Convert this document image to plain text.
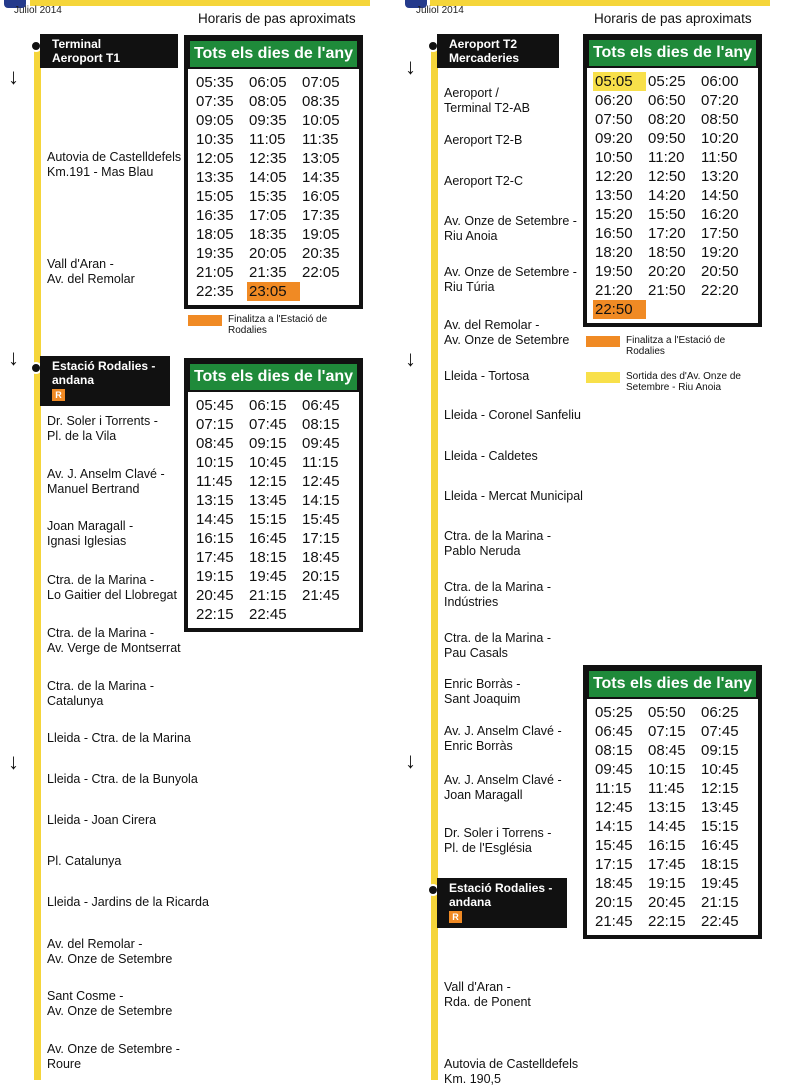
Juliol 2014
Horaris de pas aproximats
↓
↓
↓
Terminal
Aeroport T1
Autovia de Castelldefels
Km.191 - Mas Blau
Vall d'Aran -
Av. del Remolar
Tots els dies de l'any
05:35	06:05	07:05
07:35	08:05	08:35
09:05	09:35	10:05
10:35	11:05	11:35
12:05	12:35	13:05
13:35	14:05	14:35
15:05	15:35	16:05
16:35	17:05	17:35
18:05	18:35	19:05
19:35	20:05	20:35
21:05	21:35	22:05
22:35	23:05
Finalitza a l'Estació de
Rodalies
Estació Rodalies -
andana
R
Tots els dies de l'any
05:45	06:15	06:45
07:15	07:45	08:15
08:45	09:15	09:45
10:15	10:45	11:15
11:45	12:15	12:45
13:15	13:45	14:15
14:45	15:15	15:45
16:15	16:45	17:15
17:45	18:15	18:45
19:15	19:45	20:15
20:45	21:15	21:45
22:15	22:45
Dr. Soler i Torrents -
Pl. de la Vila
Av. J. Anselm Clavé -
Manuel Bertrand
Joan Maragall -
Ignasi Iglesias
Ctra. de la Marina -
Lo Gaitier del Llobregat
Ctra. de la Marina -
Av. Verge de Montserrat
Ctra. de la Marina -
Catalunya
Lleida - Ctra. de la Marina
Lleida - Ctra. de la Bunyola
Lleida - Joan Cirera
Pl. Catalunya
Lleida - Jardins de la Ricarda
Av. del Remolar -
Av. Onze de Setembre
Sant Cosme -
Av. Onze de Setembre
Av. Onze de Setembre -
Roure
Juliol 2014
Horaris de pas aproximats
↓
↓
↓
Aeroport T2
Mercaderies
Aeroport /
Terminal T2-AB
Aeroport T2-B
Aeroport T2-C
Av. Onze de Setembre -
Riu Anoia
Av. Onze de Setembre -
Riu Túria
Av. del Remolar -
Av. Onze de Setembre
Lleida - Tortosa
Lleida - Coronel Sanfeliu
Lleida - Caldetes
Lleida - Mercat Municipal
Ctra. de la Marina -
Pablo Neruda
Ctra. de la Marina -
Indústries
Ctra. de la Marina -
Pau Casals
Enric Borràs -
Sant Joaquim
Av. J. Anselm Clavé -
Enric Borràs
Av. J. Anselm Clavé -
Joan Maragall
Dr. Soler i Torrens -
Pl. de l'Església
Tots els dies de l'any
05:05	05:25	06:00
06:20	06:50	07:20
07:50	08:20	08:50
09:20	09:50	10:20
10:50	11:20	11:50
12:20	12:50	13:20
13:50	14:20	14:50
15:20	15:50	16:20
16:50	17:20	17:50
18:20	18:50	19:20
19:50	20:20	20:50
21:20	21:50	22:20
22:50
Finalitza a l'Estació de
Rodalies
Sortida des d'Av. Onze de
Setembre - Riu Anoia
Tots els dies de l'any
05:25	05:50	06:25
06:45	07:15	07:45
08:15	08:45	09:15
09:45	10:15	10:45
11:15	11:45	12:15
12:45	13:15	13:45
14:15	14:45	15:15
15:45	16:15	16:45
17:15	17:45	18:15
18:45	19:15	19:45
20:15	20:45	21:15
21:45	22:15	22:45
Estació Rodalies -
andana
R
Vall d'Aran -
Rda. de Ponent
Autovia de Castelldefels
Km. 190,5
